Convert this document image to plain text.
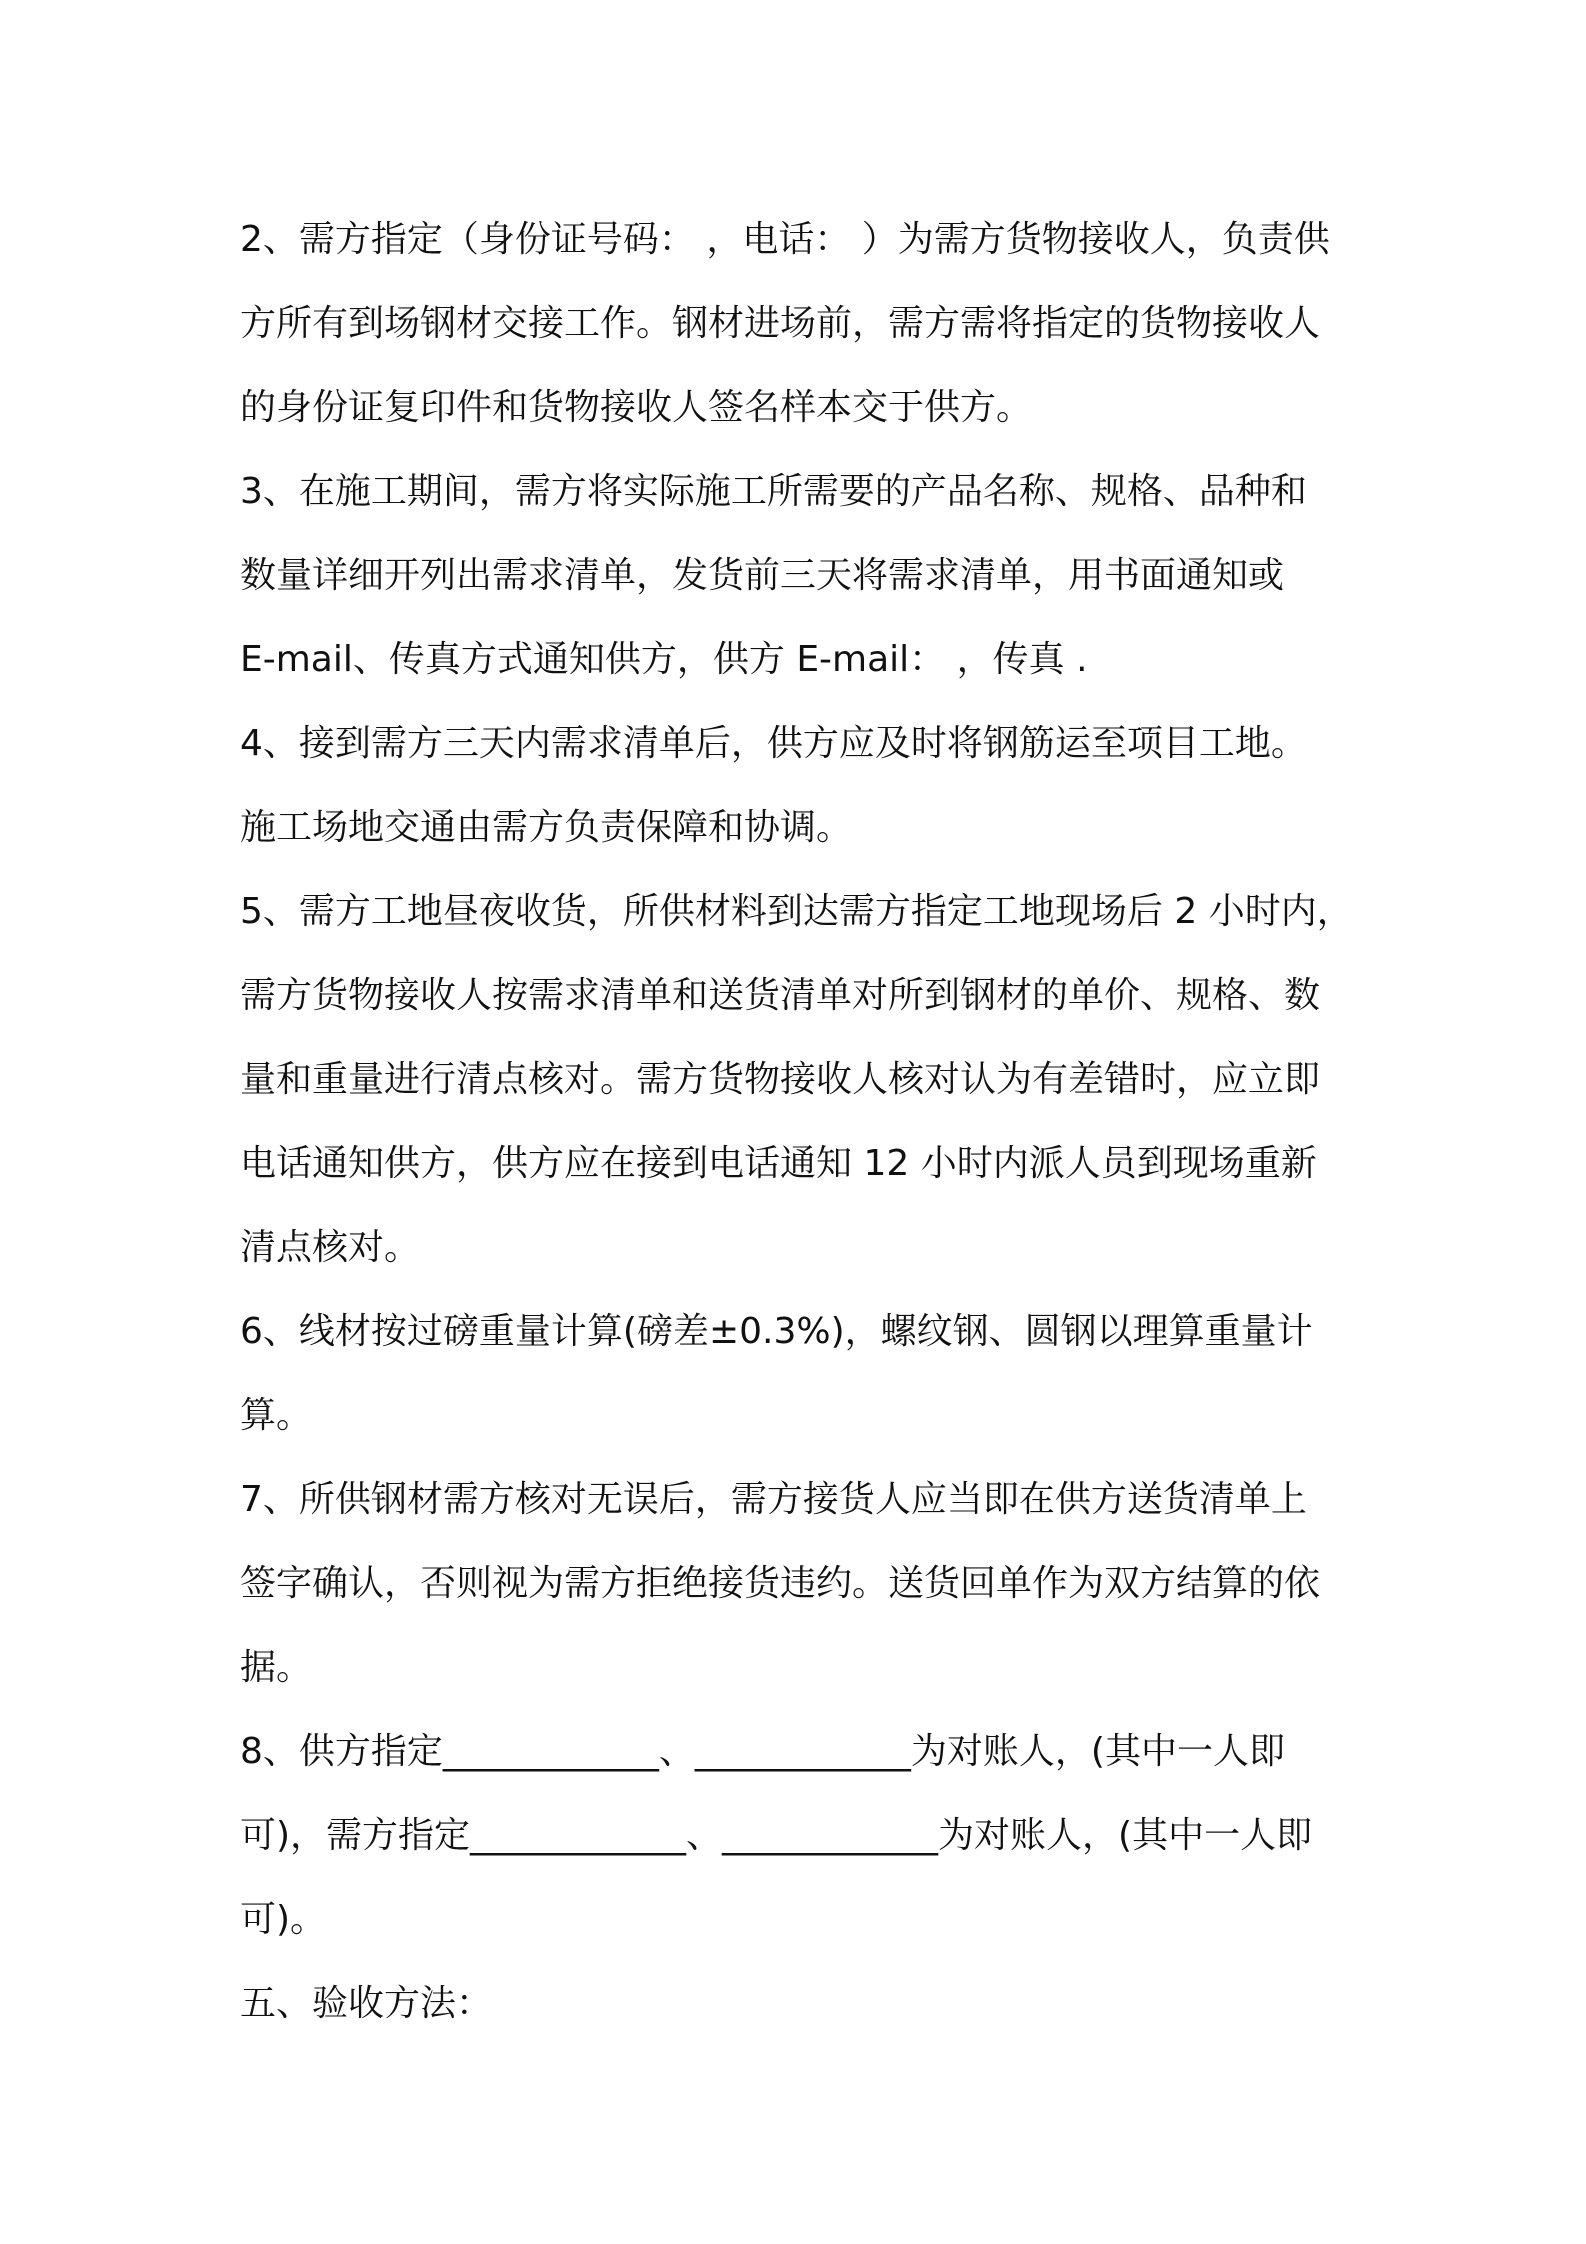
2、需方指定（身份证号码： ，电话： ）为需方货物接收人，负责供
方所有到场钢材交接工作。钢材进场前，需方需将指定的货物接收人
的身份证复印件和货物接收人签名样本交于供方。
3、在施工期间，需方将实际施工所需要的产品名称、规格、品种和
数量详细开列出需求清单，发货前三天将需求清单，用书面通知或
E-mail、传真方式通知供方，供方 E-mail： ，传真 .
4、接到需方三天内需求清单后，供方应及时将钢筋运至项目工地。
施工场地交通由需方负责保障和协调。
5、需方工地昼夜收货，所供材料到达需方指定工地现场后 2 小时内，
需方货物接收人按需求清单和送货清单对所到钢材的单价、规格、数
量和重量进行清点核对。需方货物接收人核对认为有差错时，应立即
电话通知供方，供方应在接到电话通知 12 小时内派人员到现场重新
清点核对。
6、线材按过磅重量计算(磅差±0.3%)，螺纹钢、圆钢以理算重量计
算。
7、所供钢材需方核对无误后，需方接货人应当即在供方送货清单上
签字确认，否则视为需方拒绝接货违约。送货回单作为双方结算的依
据。
8、供方指定____________、____________为对账人，(其中一人即
可)，需方指定____________、____________为对账人，(其中一人即
可)。
五、验收方法：
